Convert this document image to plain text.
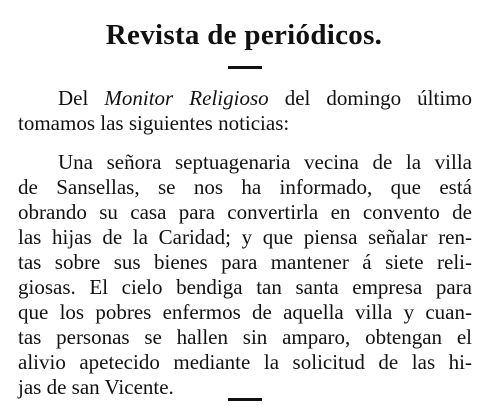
Revista de periódicos.
Del Monitor Religioso del domingo último
tomamos las siguientes noticias:
Una señora septuagenaria vecina de la villa
de Sansellas, se nos ha informado, que está
obrando su casa para convertirla en convento de
las hijas de la Caridad; y que piensa señalar ren-
tas sobre sus bienes para mantener á siete reli-
giosas. El cielo bendiga tan santa empresa para
que los pobres enfermos de aquella villa y cuan-
tas personas se hallen sin amparo, obtengan el
alivio apetecido mediante la solicitud de las hi-
jas de san Vicente.
